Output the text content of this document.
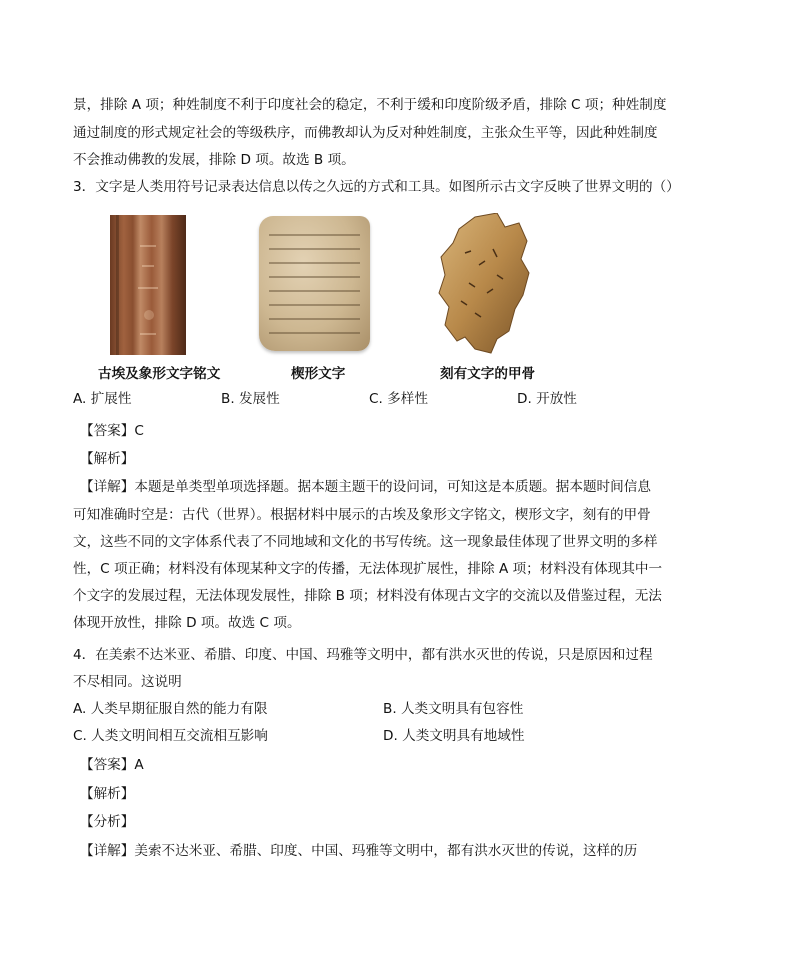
景，排除 A 项；种姓制度不利于印度社会的稳定，不利于缓和印度阶级矛盾，排除 C 项；种姓制度
通过制度的形式规定社会的等级秩序，而佛教却认为反对种姓制度，主张众生平等，因此种姓制度
不会推动佛教的发展，排除 D 项。故选 B 项。
3．文字是人类用符号记录表达信息以传之久远的方式和工具。如图所示古文字反映了世界文明的（）
古埃及象形文字铭文	楔形文字	刻有文字的甲骨
A. 扩展性	B. 发展性	C. 多样性	D. 开放性
【答案】C
【解析】
【详解】本题是单类型单项选择题。据本题主题干的设问词，可知这是本质题。据本题时间信息
可知准确时空是：古代（世界）。根据材料中展示的古埃及象形文字铭文，楔形文字，刻有的甲骨
文，这些不同的文字体系代表了不同地域和文化的书写传统。这一现象最佳体现了世界文明的多样
性，C 项正确；材料没有体现某种文字的传播，无法体现扩展性，排除 A 项；材料没有体现其中一
个文字的发展过程，无法体现发展性，排除 B 项；材料没有体现古文字的交流以及借鉴过程，无法
体现开放性，排除 D 项。故选 C 项。
4．在美索不达米亚、希腊、印度、中国、玛雅等文明中，都有洪水灭世的传说，只是原因和过程
不尽相同。这说明
A. 人类早期征服自然的能力有限	B. 人类文明具有包容性
C. 人类文明间相互交流相互影响	D. 人类文明具有地域性
【答案】A
【解析】
【分析】
【详解】美索不达米亚、希腊、印度、中国、玛雅等文明中，都有洪水灭世的传说，这样的历
